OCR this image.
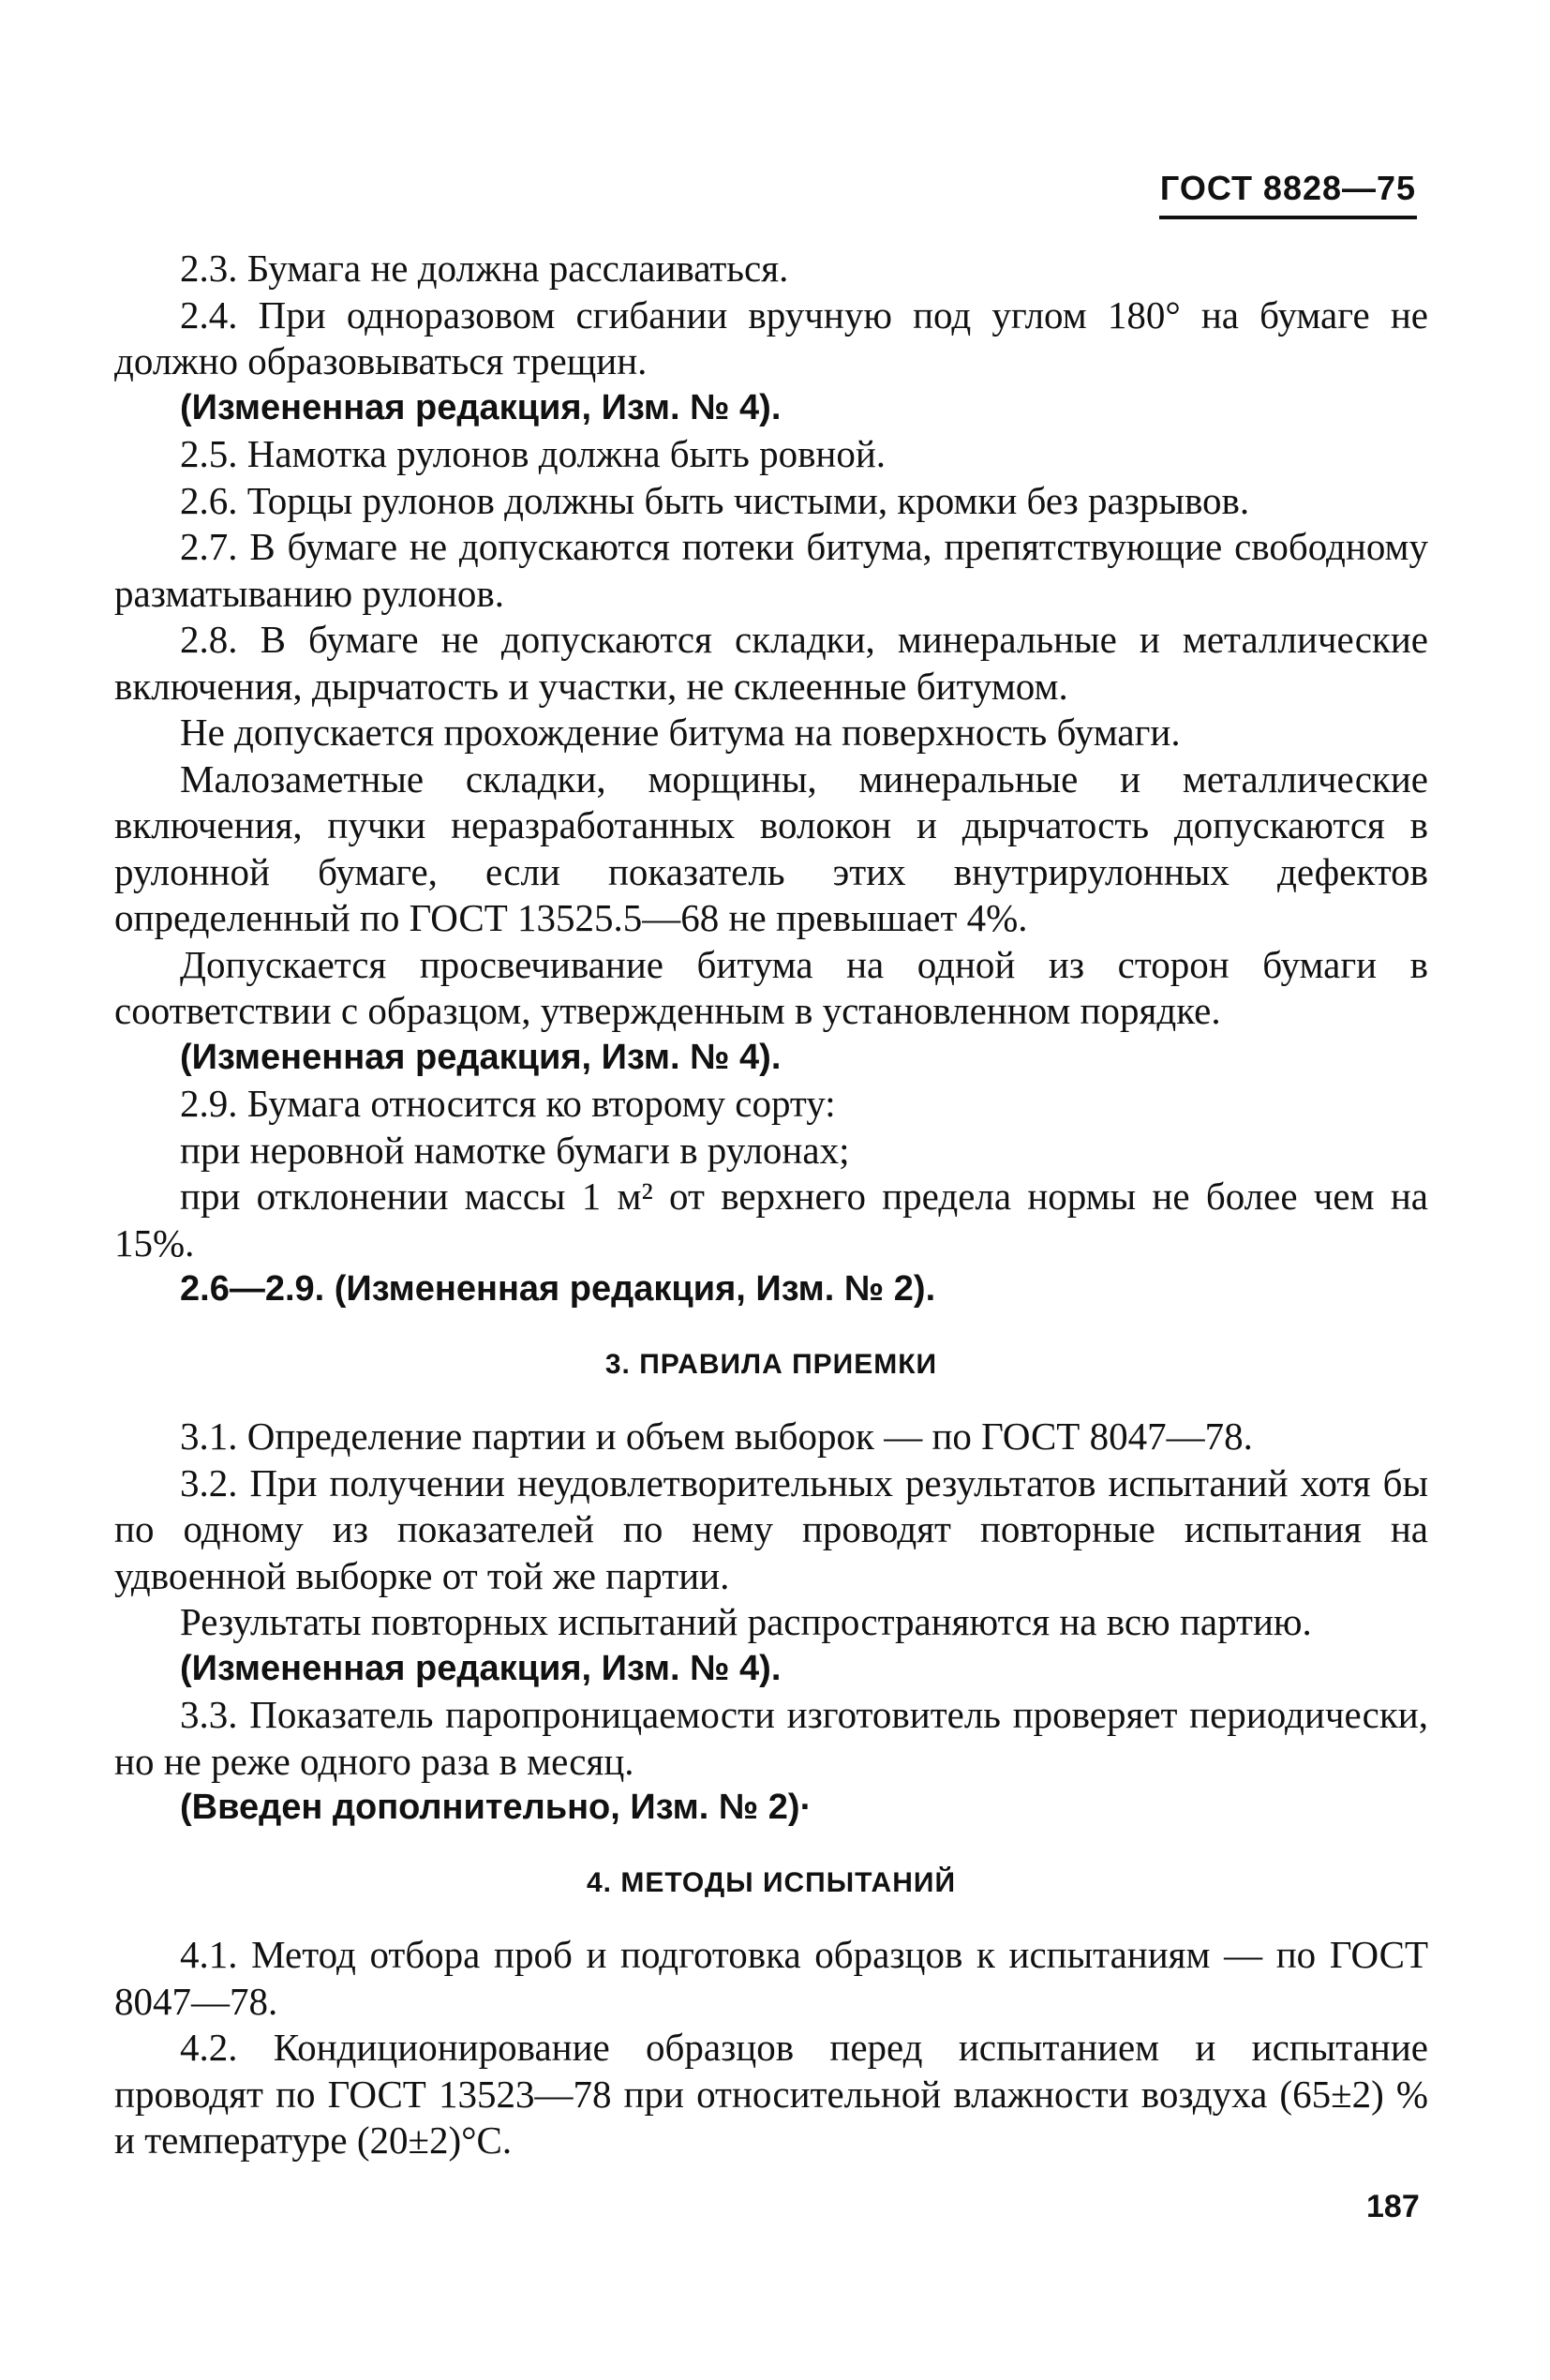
ГОСТ 8828—75

2.3. Бумага не должна расслаиваться.

2.4. При одноразовом сгибании вручную под углом 180° на бумаге не должно образовываться трещин.

(Измененная редакция, Изм. № 4).

2.5. Намотка рулонов должна быть ровной.

2.6. Торцы рулонов должны быть чистыми, кромки без разрывов.

2.7. В бумаге не допускаются потеки битума, препятствующие свободному разматыванию рулонов.

2.8. В бумаге не допускаются складки, минеральные и металлические включения, дырчатость и участки, не склеенные битумом.

Не допускается прохождение битума на поверхность бумаги.

Малозаметные складки, морщины, минеральные и металлические включения, пучки неразработанных волокон и дырчатость допускаются в рулонной бумаге, если показатель этих внутрирулонных дефектов определенный по ГОСТ 13525.5—68 не превышает 4%.

Допускается просвечивание битума на одной из сторон бумаги в соответствии с образцом, утвержденным в установленном порядке.

(Измененная редакция, Изм. № 4).

2.9. Бумага относится ко второму сорту:

при неровной намотке бумаги в рулонах;

при отклонении массы 1 м² от верхнего предела нормы не более чем на 15%.

2.6—2.9. (Измененная редакция, Изм. № 2).

3. ПРАВИЛА ПРИЕМКИ

3.1. Определение партии и объем выборок — по ГОСТ 8047—78.

3.2. При получении неудовлетворительных результатов испытаний хотя бы по одному из показателей по нему проводят повторные испытания на удвоенной выборке от той же партии.

Результаты повторных испытаний распространяются на всю партию.

(Измененная редакция, Изм. № 4).

3.3. Показатель паропроницаемости изготовитель проверяет периодически, но не реже одного раза в месяц.

(Введен дополнительно, Изм. № 2)·

4. МЕТОДЫ ИСПЫТАНИЙ

4.1. Метод отбора проб и подготовка образцов к испытаниям — по ГОСТ 8047—78.

4.2. Кондиционирование образцов перед испытанием и испытание проводят по ГОСТ 13523—78 при относительной влажности воздуха (65±2) % и температуре (20±2)°С.

187
